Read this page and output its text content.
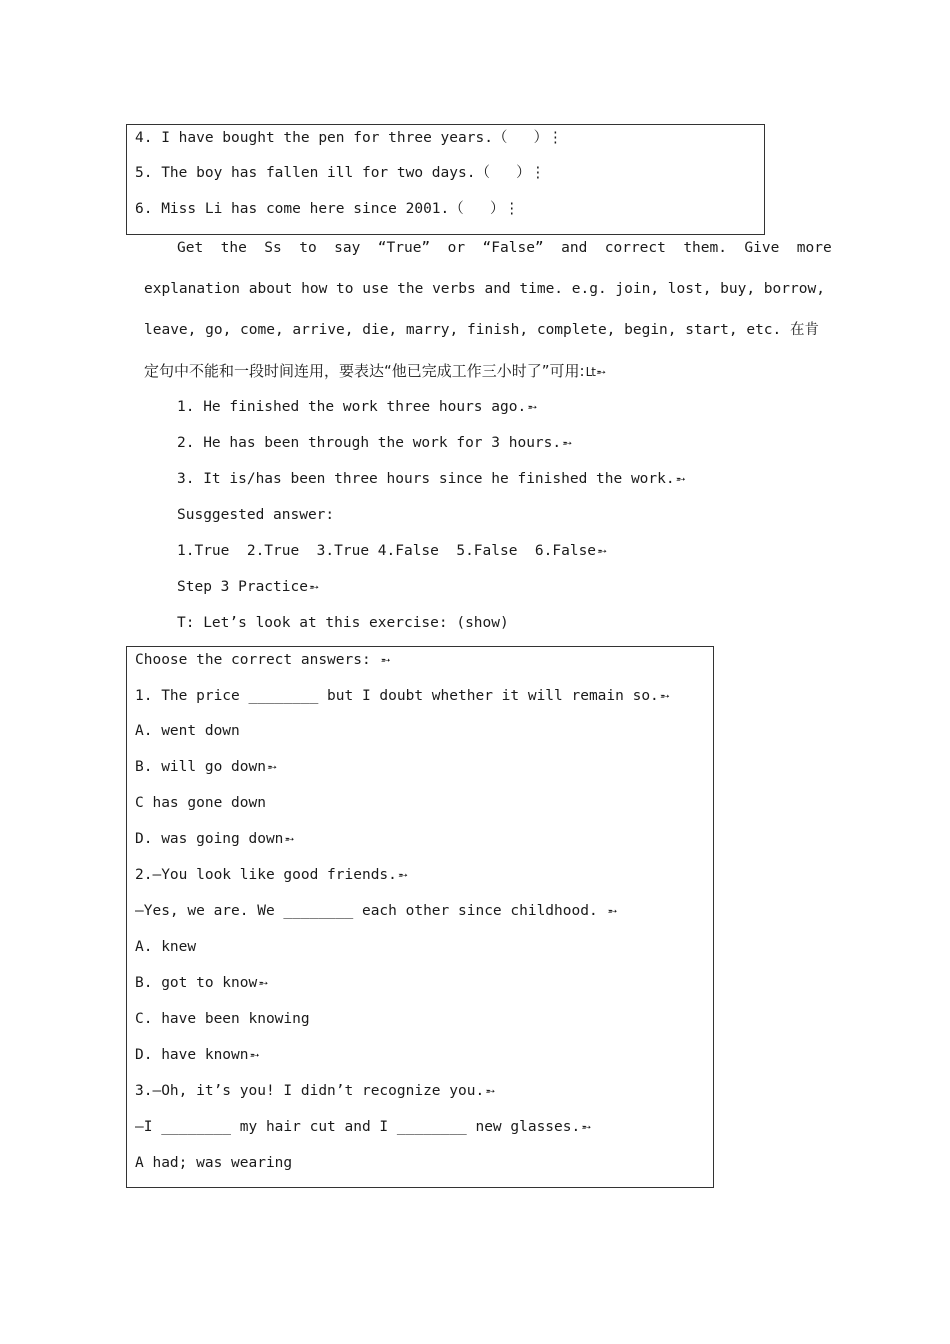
4. I have bought the pen for three years.（   ）⋮
5. The boy has fallen ill for two days.（   ）⋮
6. Miss Li has come here since 2001.（   ）⋮
Get  the  Ss  to  say  “True”  or  “False”  and  correct  them.  Give  more
explanation about how to use the verbs and time. e.g. join, lost, buy, borrow,
leave, go, come, arrive, die, marry, finish, complete, begin, start, etc. 在肯
定句中不能和一段时间连用，要表达“他已完成工作三小时了”可用:Lt➵
1. He finished the work three hours ago.➵
2. He has been through the work for 3 hours.➵
3. It is/has been three hours since he finished the work.➵
Susggested answer:
1.True  2.True  3.True 4.False  5.False  6.False➵
Step 3 Practice➵
T: Let’s look at this exercise: (show)
Choose the correct answers: ➵
1. The price ________ but I doubt whether it will remain so.➵
A. went down
B. will go down➵
C has gone down
D. was going down➵
2.—You look like good friends.➵
—Yes, we are. We ________ each other since childhood. ➵
A. knew
B. got to know➵
C. have been knowing
D. have known➵
3.—Oh, it’s you! I didn’t recognize you.➵
—I ________ my hair cut and I ________ new glasses.➵
A had; was wearing
